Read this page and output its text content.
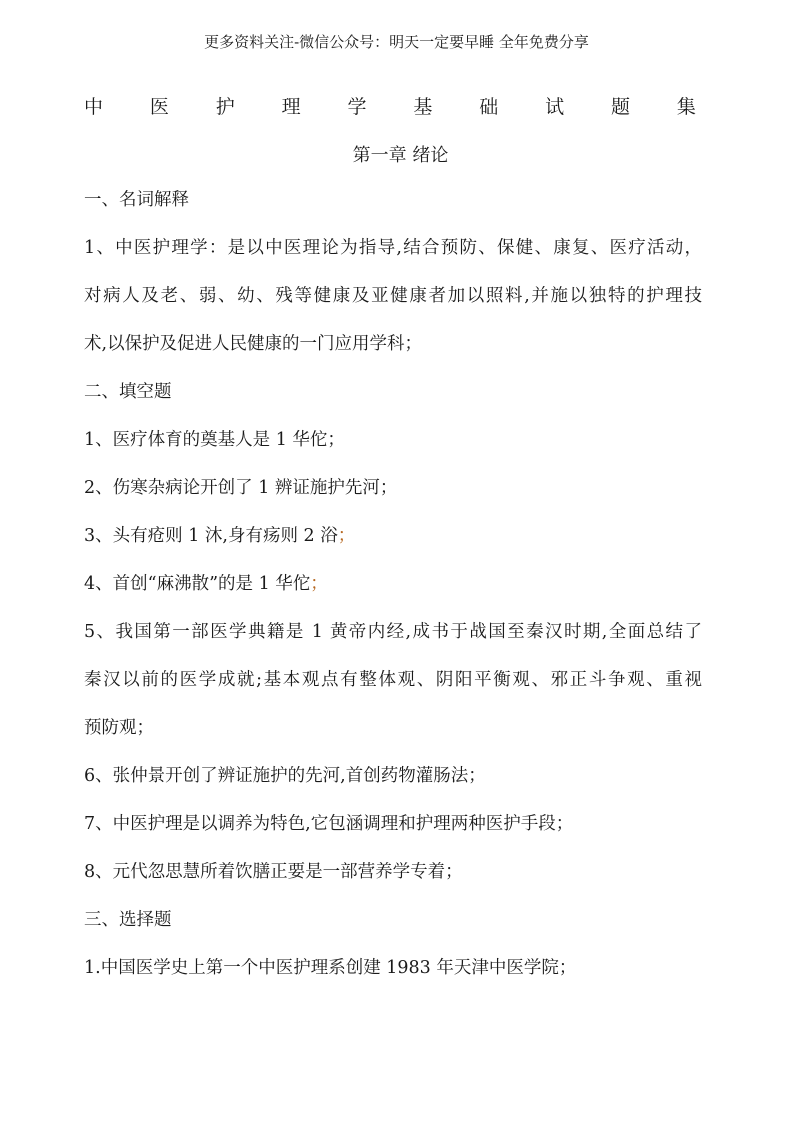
更多资料关注-微信公众号：明天一定要早睡 全年免费分享
中 医 护 理 学 基 础 试 题 集
第一章 绪论
一、名词解释
1、中医护理学：是以中医理论为指导,结合预防、保健、康复、医疗活动，
对病人及老、弱、幼、残等健康及亚健康者加以照料,并施以独特的护理技
术,以保护及促进人民健康的一门应用学科；
二、填空题
1、医疗体育的奠基人是 1 华佗；
2、伤寒杂病论开创了 1 辨证施护先河；
3、头有疮则 1 沐,身有疡则 2 浴；
4、首创“麻沸散”的是 1 华佗；
5、我国第一部医学典籍是 1 黄帝内经,成书于战国至秦汉时期,全面总结了
秦汉以前的医学成就;基本观点有整体观、阴阳平衡观、邪正斗争观、重视
预防观；
6、张仲景开创了辨证施护的先河,首创药物灌肠法；
7、中医护理是以调养为特色,它包涵调理和护理两种医护手段；
8、元代忽思慧所着饮膳正要是一部营养学专着；
三、选择题
1.中国医学史上第一个中医护理系创建 1983 年天津中医学院；
